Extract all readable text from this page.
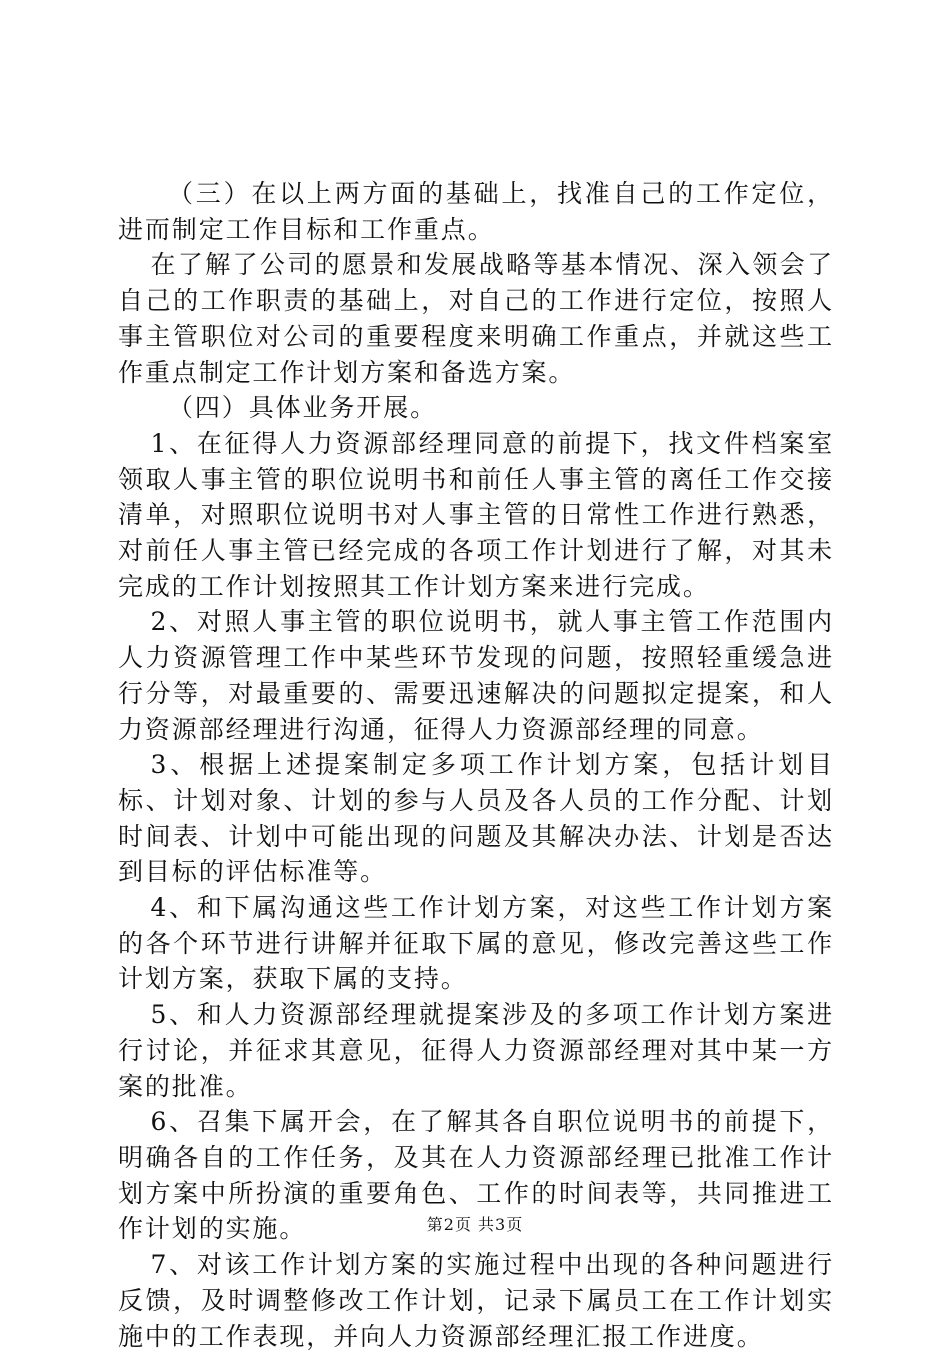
（三）在以上两方面的基础上，找准自己的工作定位，进而制定工作目标和工作重点。

在了解了公司的愿景和发展战略等基本情况、深入领会了自己的工作职责的基础上，对自己的工作进行定位，按照人事主管职位对公司的重要程度来明确工作重点，并就这些工作重点制定工作计划方案和备选方案。

（四）具体业务开展。

1、在征得人力资源部经理同意的前提下，找文件档案室领取人事主管的职位说明书和前任人事主管的离任工作交接清单，对照职位说明书对人事主管的日常性工作进行熟悉，对前任人事主管已经完成的各项工作计划进行了解，对其未完成的工作计划按照其工作计划方案来进行完成。

2、对照人事主管的职位说明书，就人事主管工作范围内人力资源管理工作中某些环节发现的问题，按照轻重缓急进行分等，对最重要的、需要迅速解决的问题拟定提案，和人力资源部经理进行沟通，征得人力资源部经理的同意。

3、根据上述提案制定多项工作计划方案，包括计划目标、计划对象、计划的参与人员及各人员的工作分配、计划时间表、计划中可能出现的问题及其解决办法、计划是否达到目标的评估标准等。

4、和下属沟通这些工作计划方案，对这些工作计划方案的各个环节进行讲解并征取下属的意见，修改完善这些工作计划方案，获取下属的支持。

5、和人力资源部经理就提案涉及的多项工作计划方案进行讨论，并征求其意见，征得人力资源部经理对其中某一方案的批准。

6、召集下属开会，在了解其各自职位说明书的前提下，明确各自的工作任务，及其在人力资源部经理已批准工作计划方案中所扮演的重要角色、工作的时间表等，共同推进工作计划的实施。

7、对该工作计划方案的实施过程中出现的各种问题进行反馈，及时调整修改工作计划，记录下属员工在工作计划实施中的工作表现，并向人力资源部经理汇报工作进度。

第2页 共3页
